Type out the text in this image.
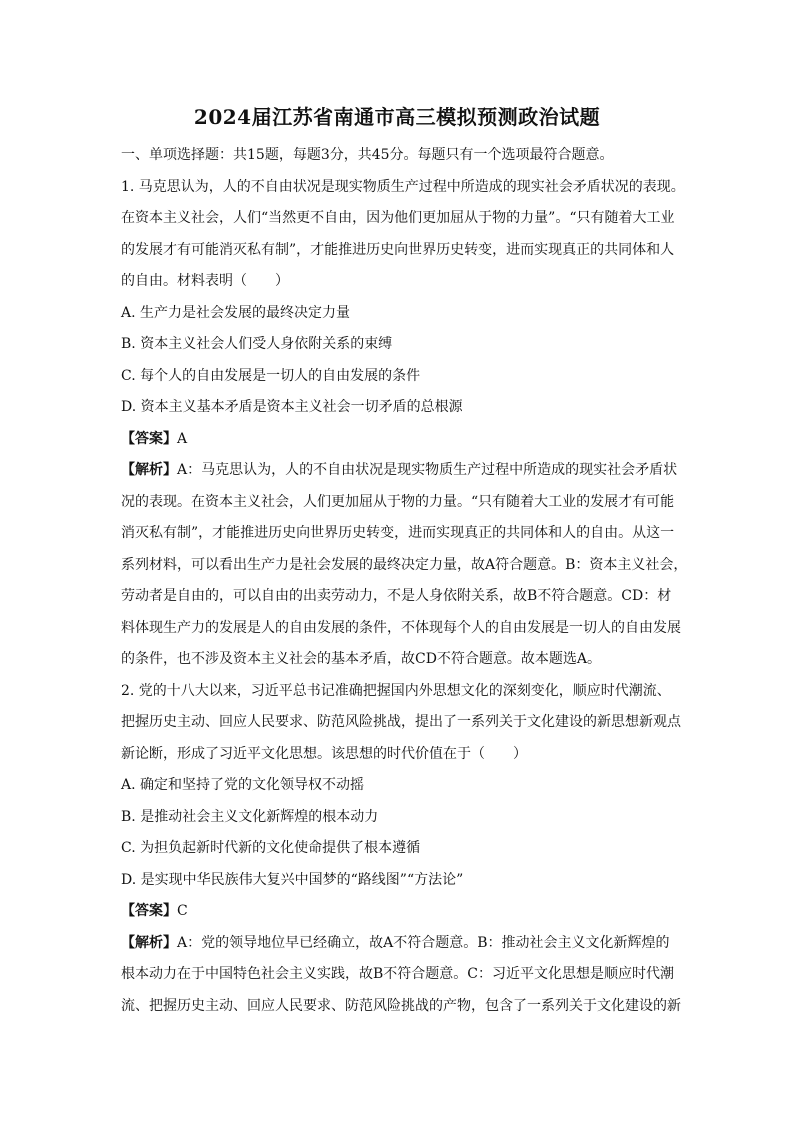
2024届江苏省南通市高三模拟预测政治试题

一、单项选择题：共15题，每题3分，共45分。每题只有一个选项最符合题意。

1. 马克思认为，人的不自由状况是现实物质生产过程中所造成的现实社会矛盾状况的表现。
在资本主义社会，人们“当然更不自由，因为他们更加屈从于物的力量”。“只有随着大工业
的发展才有可能消灭私有制”，才能推进历史向世界历史转变，进而实现真正的共同体和人
的自由。材料表明（　　）

A. 生产力是社会发展的最终决定力量

B. 资本主义社会人们受人身依附关系的束缚

C. 每个人的自由发展是一切人的自由发展的条件

D. 资本主义基本矛盾是资本主义社会一切矛盾的总根源

【答案】A

【解析】A：马克思认为，人的不自由状况是现实物质生产过程中所造成的现实社会矛盾状
况的表现。在资本主义社会，人们更加屈从于物的力量。“只有随着大工业的发展才有可能
消灭私有制”，才能推进历史向世界历史转变，进而实现真正的共同体和人的自由。从这一
系列材料，可以看出生产力是社会发展的最终决定力量，故A符合题意。B：资本主义社会，
劳动者是自由的，可以自由的出卖劳动力，不是人身依附关系，故B不符合题意。CD：材
料体现生产力的发展是人的自由发展的条件，不体现每个人的自由发展是一切人的自由发展
的条件，也不涉及资本主义社会的基本矛盾，故CD不符合题意。故本题选A。

2. 党的十八大以来，习近平总书记准确把握国内外思想文化的深刻变化，顺应时代潮流、
把握历史主动、回应人民要求、防范风险挑战，提出了一系列关于文化建设的新思想新观点
新论断，形成了习近平文化思想。该思想的时代价值在于（　　）

A. 确定和坚持了党的文化领导权不动摇

B. 是推动社会主义文化新辉煌的根本动力

C. 为担负起新时代新的文化使命提供了根本遵循

D. 是实现中华民族伟大复兴中国梦的“路线图”“方法论”

【答案】C

【解析】A：党的领导地位早已经确立，故A不符合题意。B：推动社会主义文化新辉煌的
根本动力在于中国特色社会主义实践，故B不符合题意。C：习近平文化思想是顺应时代潮
流、把握历史主动、回应人民要求、防范风险挑战的产物，包含了一系列关于文化建设的新
